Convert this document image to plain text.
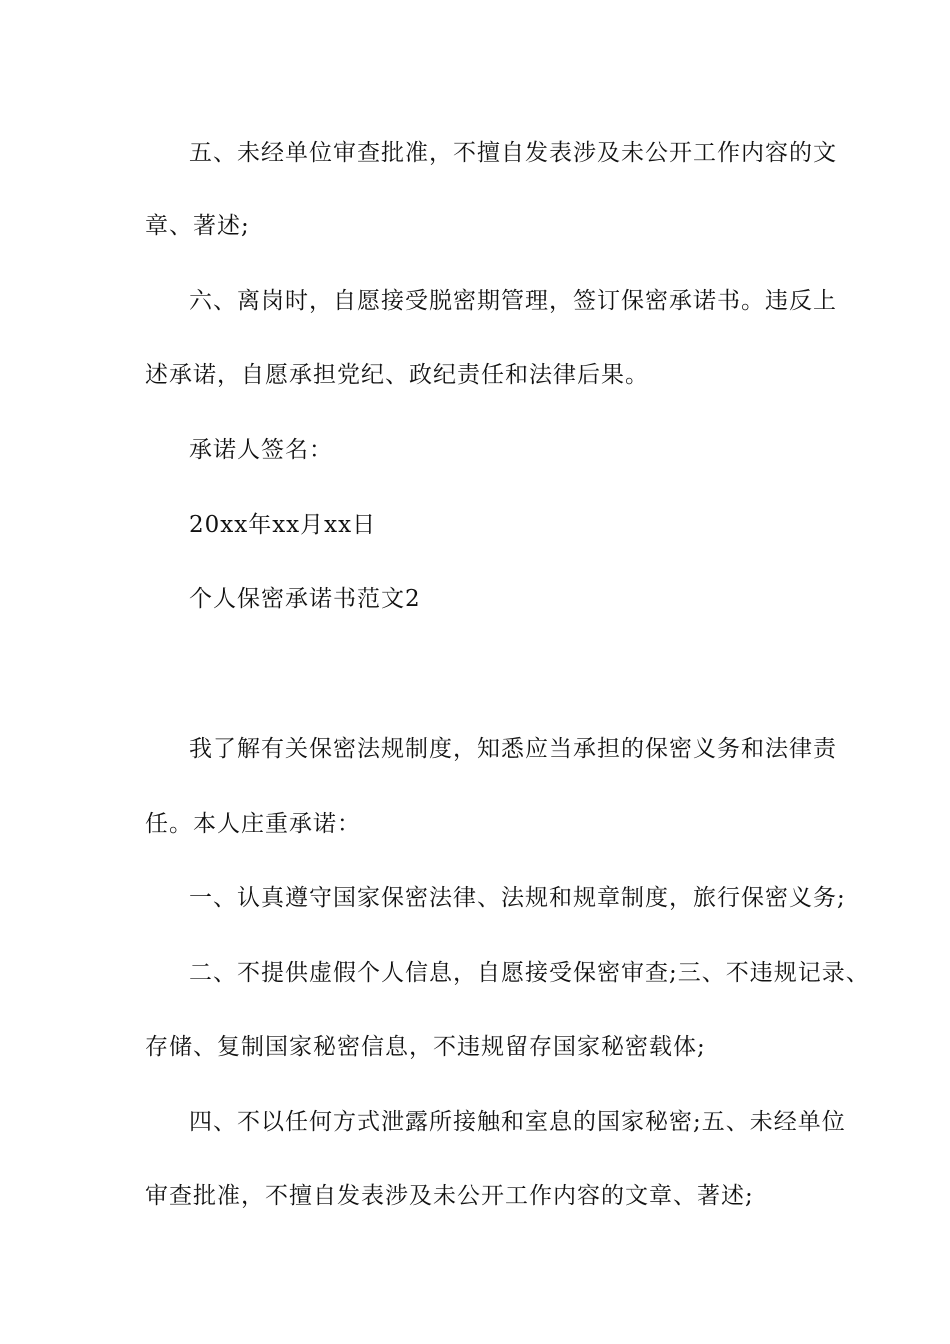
五、未经单位审查批准，不擅自发表涉及未公开工作内容的文
章、著述;
六、离岗时，自愿接受脱密期管理，签订保密承诺书。违反上
述承诺，自愿承担党纪、政纪责任和法律后果。
承诺人签名：
20xx年xx月xx日
个人保密承诺书范文2
我了解有关保密法规制度，知悉应当承担的保密义务和法律责
任。本人庄重承诺：
一、认真遵守国家保密法律、法规和规章制度，旅行保密义务;
二、不提供虚假个人信息，自愿接受保密审查;三、不违规记录、
存储、复制国家秘密信息，不违规留存国家秘密载体;
四、不以任何方式泄露所接触和室息的国家秘密;五、未经单位
审查批准，不擅自发表涉及未公开工作内容的文章、著述;
